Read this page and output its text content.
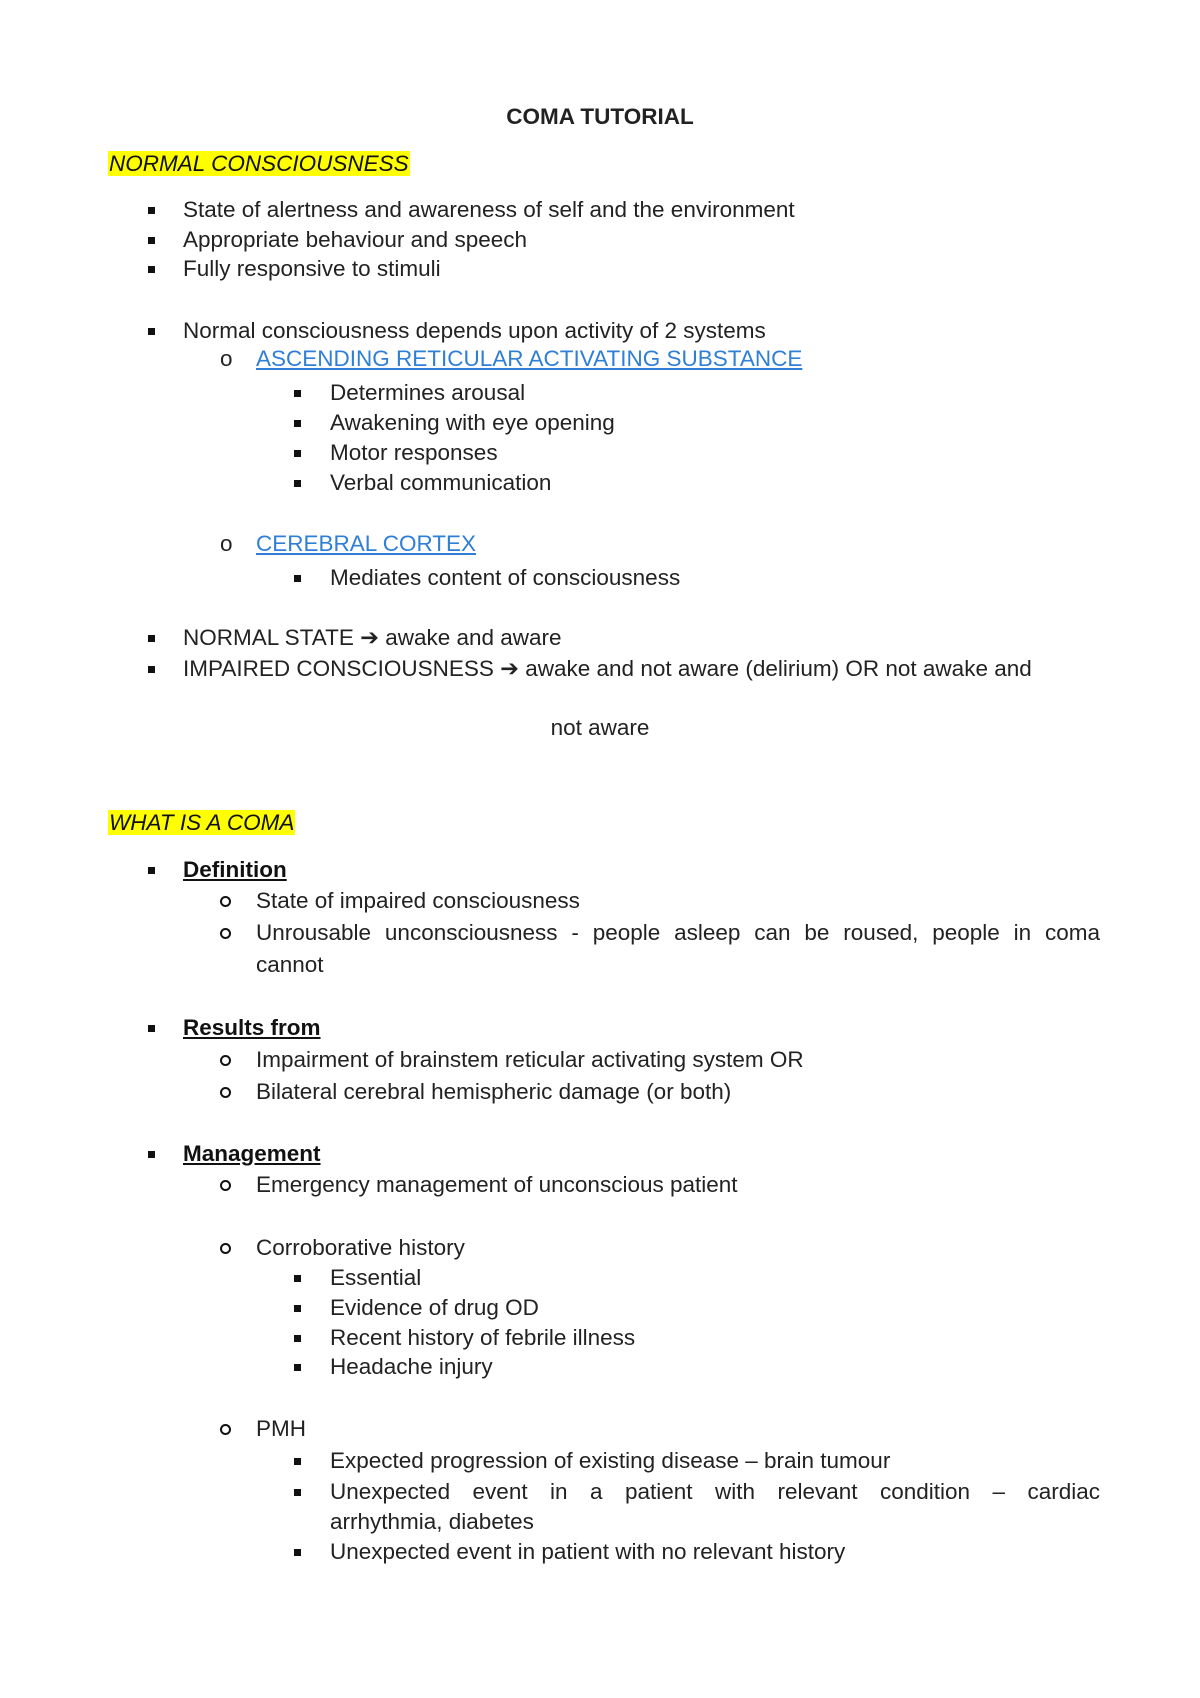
COMA TUTORIAL
NORMAL CONSCIOUSNESS
State of alertness and awareness of self and the environment
Appropriate behaviour and speech
Fully responsive to stimuli
Normal consciousness depends upon activity of 2 systems
o ASCENDING RETICULAR ACTIVATING SUBSTANCE
Determines arousal
Awakening with eye opening
Motor responses
Verbal communication
o CEREBRAL CORTEX
Mediates content of consciousness
NORMAL STATE ➔ awake and aware
IMPAIRED CONSCIOUSNESS ➔ awake and not aware (delirium) OR not awake and
not aware
WHAT IS A COMA
Definition
State of impaired consciousness
Unrousable unconsciousness - people asleep can be roused, people in coma
cannot
Results from
Impairment of brainstem reticular activating system OR
Bilateral cerebral hemispheric damage (or both)
Management
Emergency management of unconscious patient
Corroborative history
Essential
Evidence of drug OD
Recent history of febrile illness
Headache injury
PMH
Expected progression of existing disease – brain tumour
Unexpected event in a patient with relevant condition – cardiac
arrhythmia, diabetes
Unexpected event in patient with no relevant history
